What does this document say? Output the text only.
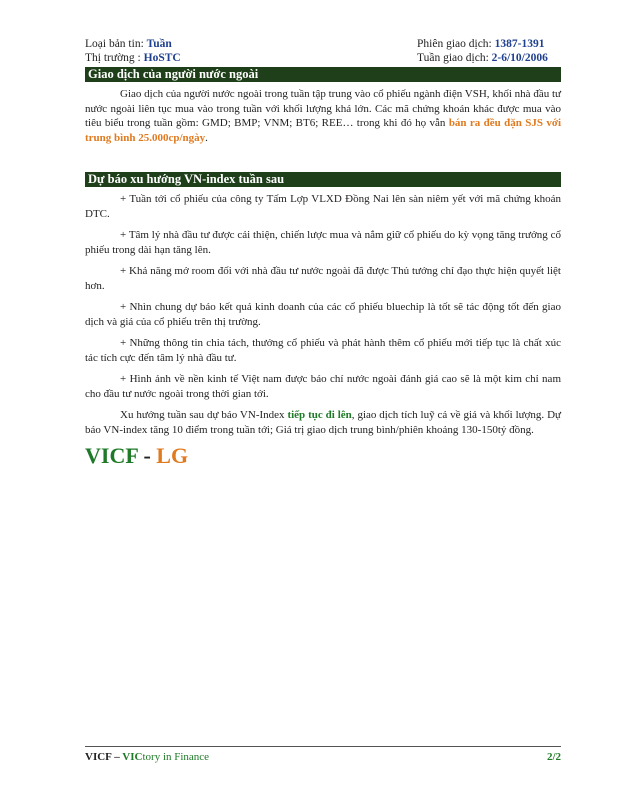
Loại bản tin: Tuần	Phiên giao dịch: 1387-1391
Thị trường : HoSTC	Tuần giao dịch: 2-6/10/2006
Giao dịch của người nước ngoài

Giao dịch của người nước ngoài trong tuần tập trung vào cổ phiếu ngành điện VSH, khối nhà đầu tư nước ngoài liên tục mua vào trong tuần với khối lượng khá lớn. Các mã chứng khoán khác được mua vào tiêu biểu trong tuần gồm: GMD; BMP; VNM; BT6; REE… trong khi đó họ vẫn bán ra đều đặn SJS với trung bình 25.000cp/ngày.

Dự báo xu hướng VN-index tuần sau

+ Tuần tới cổ phiếu của công ty Tấm Lợp VLXD Đồng Nai lên sàn niêm yết với mã chứng khoán DTC.

+ Tâm lý nhà đầu tư được cải thiện, chiến lược mua và nắm giữ cổ phiếu do kỳ vọng tăng trưởng cổ phiếu trong dài hạn tăng lên.

+ Khả năng mở room đối với nhà đầu tư nước ngoài đã được Thủ tướng chỉ đạo thực hiện quyết liệt hơn.

+ Nhìn chung dự báo kết quả kinh doanh của các cổ phiếu bluechip là tốt sẽ tác động tốt đến giao dịch và giá của cổ phiếu trên thị trường.

+ Những thông tin chia tách, thưởng cổ phiếu và phát hành thêm cổ phiếu mới tiếp tục là chất xúc tác tích cực đến tâm lý nhà đầu tư.

+ Hình ảnh về nền kinh tế Việt nam được báo chí nước ngoài đánh giá cao sẽ là một kim chỉ nam cho đầu tư nước ngoài trong thời gian tới.

Xu hướng tuần sau dự báo VN-Index tiếp tục đi lên, giao dịch tích luỹ cả về giá và khối lượng. Dự báo VN-index tăng 10 điểm trong tuần tới; Giá trị giao dịch trung bình/phiên khoảng 130-150tỷ đồng.

VICF - LG
VICF – VICtory in Finance	2/2
